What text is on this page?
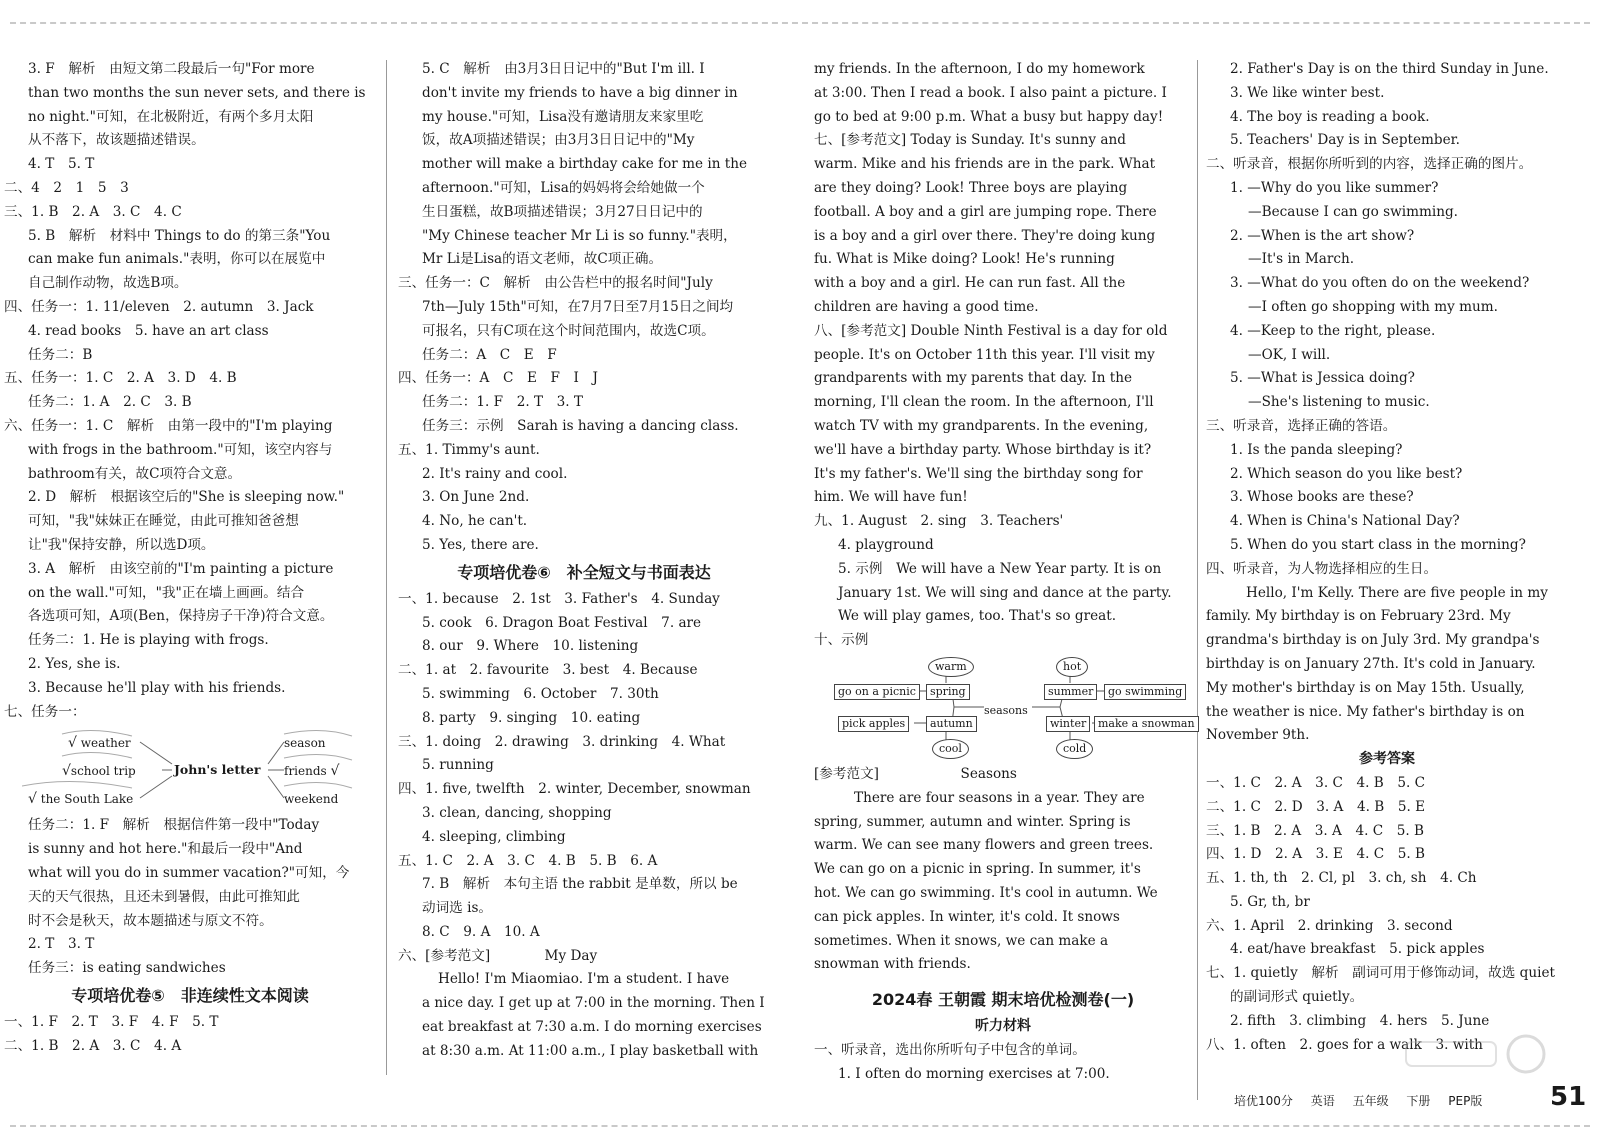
3. F　解析　由短文第二段最后一句"For more
than two months the sun never sets, and there is
no night."可知，在北极附近，有两个多月太阳
从不落下，故该题描述错误。
4. T　5. T
二、4　2　1　5　3
三、1. B　2. A　3. C　4. C
5. B　解析　材料中 Things to do 的第三条"You
can make fun animals."表明，你可以在展览中
自己制作动物，故选B项。
四、任务一：1. 11/eleven　2. autumn　3. Jack
4. read books　5. have an art class
任务二：B
五、任务一：1. C　2. A　3. D　4. B
任务二：1. A　2. C　3. B
六、任务一：1. C　解析　由第一段中的"I'm playing
with frogs in the bathroom."可知，该空内容与
bathroom有关，故C项符合文意。
2. D　解析　根据该空后的"She is sleeping now."
可知，"我"妹妹正在睡觉，由此可推知爸爸想
让"我"保持安静，所以选D项。
3. A　解析　由该空前的"I'm painting a picture
on the wall."可知，"我"正在墙上画画。结合
各选项可知，A项(Ben，保持房子干净)符合文意。
任务二：1. He is playing with frogs.
2. Yes, she is.
3. Because he'll play with his friends.
七、任务一：
√ weather
√school trip
√ the South Lake
John's letter
season
friends √
weekend
任务二：1. F　解析　根据信件第一段中"Today
is sunny and hot here."和最后一段中"And
what will you do in summer vacation?"可知，今
天的天气很热，且还未到暑假，由此可推知此
时不会是秋天，故本题描述与原文不符。
2. T　3. T
任务三：is eating sandwiches
专项培优卷⑤　非连续性文本阅读
一、1. F　2. T　3. F　4. F　5. T
二、1. B　2. A　3. C　4. A
5. C　解析　由3月3日日记中的"But I'm ill. I
don't invite my friends to have a big dinner in
my house."可知，Lisa没有邀请朋友来家里吃
饭，故A项描述错误；由3月3日日记中的"My
mother will make a birthday cake for me in the
afternoon."可知，Lisa的妈妈将会给她做一个
生日蛋糕，故B项描述错误；3月27日日记中的
"My Chinese teacher Mr Li is so funny."表明，
Mr Li是Lisa的语文老师，故C项正确。
三、任务一：C　解析　由公告栏中的报名时间"July
7th—July 15th"可知，在7月7日至7月15日之间均
可报名，只有C项在这个时间范围内，故选C项。
任务二：A　C　E　F
四、任务一：A　C　E　F　I　J
任务二：1. F　2. T　3. T
任务三：示例　Sarah is having a dancing class.
五、1. Timmy's aunt.
2. It's rainy and cool.
3. On June 2nd.
4. No, he can't.
5. Yes, there are.
专项培优卷⑥　补全短文与书面表达
一、1. because　2. 1st　3. Father's　4. Sunday
5. cook　6. Dragon Boat Festival　7. are
8. our　9. Where　10. listening
二、1. at　2. favourite　3. best　4. Because
5. swimming　6. October　7. 30th
8. party　9. singing　10. eating
三、1. doing　2. drawing　3. drinking　4. What
5. running
四、1. five, twelfth　2. winter, December, snowman
3. clean, dancing, shopping
4. sleeping, climbing
五、1. C　2. A　3. C　4. B　5. B　6. A
7. B　解析　本句主语 the rabbit 是单数，所以 be
动词选 is。
8. C　9. A　10. A
六、[参考范文]　　　　My Day
Hello! I'm Miaomiao. I'm a student. I have
a nice day. I get up at 7:00 in the morning. Then I
eat breakfast at 7:30 a.m. I do morning exercises
at 8:30 a.m. At 11:00 a.m., I play basketball with
my friends. In the afternoon, I do my homework
at 3:00. Then I read a book. I also paint a picture. I
go to bed at 9:00 p.m. What a busy but happy day!
七、[参考范文] Today is Sunday. It's sunny and
warm. Mike and his friends are in the park. What
are they doing? Look! Three boys are playing
football. A boy and a girl are jumping rope. There
is a boy and a girl over there. They're doing kung
fu. What is Mike doing? Look! He's running
with a boy and a girl. He can run fast. All the
children are having a good time.
八、[参考范文] Double Ninth Festival is a day for old
people. It's on October 11th this year. I'll visit my
grandparents with my parents that day. In the
morning, I'll clean the room. In the afternoon, I'll
watch TV with my grandparents. In the evening,
we'll have a birthday party. Whose birthday is it?
It's my father's. We'll sing the birthday song for
him. We will have fun!
九、1. August　2. sing　3. Teachers'
4. playground
5. 示例　We will have a New Year party. It is on
January 1st. We will sing and dance at the party.
We will play games, too. That's so great.
十、示例
warm
cool
spring
autumn
go on a picnic
pick apples
seasons
hot
cold
summer
winter
go swimming
make a snowman
[参考范文]　　　　　　Seasons
There are four seasons in a year. They are
spring, summer, autumn and winter. Spring is
warm. We can see many flowers and green trees.
We can go on a picnic in spring. In summer, it's
hot. We can go swimming. It's cool in autumn. We
can pick apples. In winter, it's cold. It snows
sometimes. When it snows, we can make a
snowman with friends.
2024春 王朝霞 期末培优检测卷(一)
听力材料
一、听录音，选出你所听句子中包含的单词。
1. I often do morning exercises at 7:00.
2. Father's Day is on the third Sunday in June.
3. We like winter best.
4. The boy is reading a book.
5. Teachers' Day is in September.
二、听录音，根据你所听到的内容，选择正确的图片。
1. —Why do you like summer?
—Because I can go swimming.
2. —When is the art show?
—It's in March.
3. —What do you often do on the weekend?
—I often go shopping with my mum.
4. —Keep to the right, please.
—OK, I will.
5. —What is Jessica doing?
—She's listening to music.
三、听录音，选择正确的答语。
1. Is the panda sleeping?
2. Which season do you like best?
3. Whose books are these?
4. When is China's National Day?
5. When do you start class in the morning?
四、听录音，为人物选择相应的生日。
Hello, I'm Kelly. There are five people in my
family. My birthday is on February 23rd. My
grandma's birthday is on July 3rd. My grandpa's
birthday is on January 27th. It's cold in January.
My mother's birthday is on May 15th. Usually,
the weather is nice. My father's birthday is on
November 9th.
参考答案
一、1. C　2. A　3. C　4. B　5. C
二、1. C　2. D　3. A　4. B　5. E
三、1. B　2. A　3. A　4. C　5. B
四、1. D　2. A　3. E　4. C　5. B
五、1. th, th　2. Cl, pl　3. ch, sh　4. Ch
5. Gr, th, br
六、1. April　2. drinking　3. second
4. eat/have breakfast　5. pick apples
七、1. quietly　解析　副词可用于修饰动词，故选 quiet
的副词形式 quietly。
2. fifth　3. climbing　4. hers　5. June
八、1. often　2. goes for a walk　3. with
培优100分 英语 五年级 下册 PEP版	51
